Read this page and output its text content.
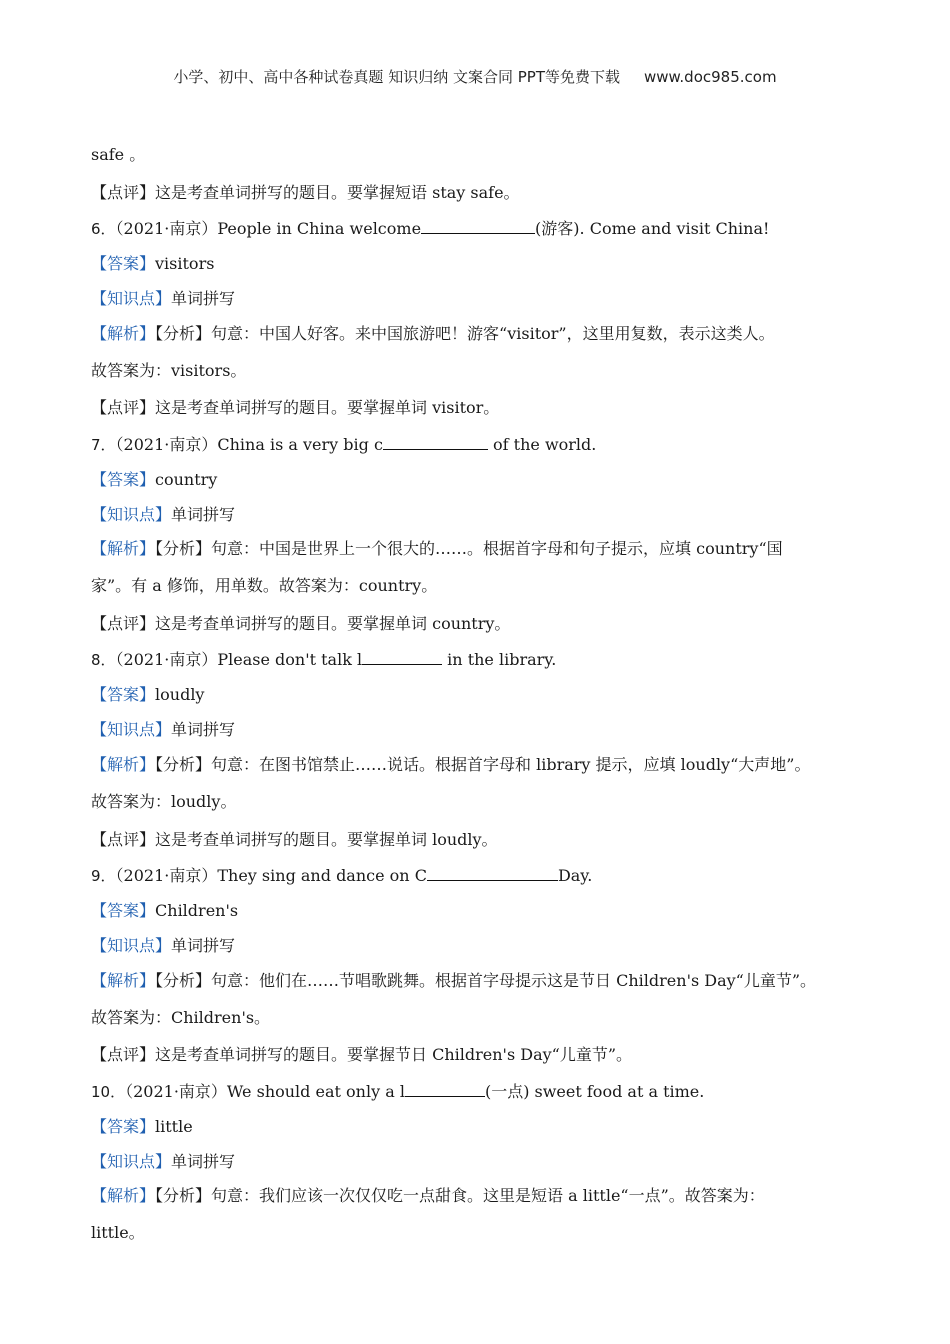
小学、初中、高中各种试卷真题 知识归纳 文案合同 PPT等免费下载 www.doc985.com
safe 。
【点评】这是考查单词拼写的题目。要掌握短语 stay safe。
6．（2021·南京）People in China welcome	(游客). Come and visit China!
【答案】visitors
【知识点】单词拼写
【解析】【分析】句意：中国人好客。来中国旅游吧！游客“visitor”，这里用复数，表示这类人。
故答案为：visitors。
【点评】这是考查单词拼写的题目。要掌握单词 visitor。
7．（2021·南京）China is a very big c	of the world.
【答案】country
【知识点】单词拼写
【解析】【分析】句意：中国是世界上一个很大的……。根据首字母和句子提示，应填 country“国
家”。有 a 修饰，用单数。故答案为：country。
【点评】这是考查单词拼写的题目。要掌握单词 country。
8．（2021·南京）Please don't talk l	in the library.
【答案】loudly
【知识点】单词拼写
【解析】【分析】句意：在图书馆禁止……说话。根据首字母和 library 提示，应填 loudly“大声地”。
故答案为：loudly。
【点评】这是考查单词拼写的题目。要掌握单词 loudly。
9．（2021·南京）They sing and dance on C	Day.
【答案】Children's
【知识点】单词拼写
【解析】【分析】句意：他们在……节唱歌跳舞。根据首字母提示这是节日 Children's Day“儿童节”。
故答案为：Children's。
【点评】这是考查单词拼写的题目。要掌握节日 Children's Day“儿童节”。
10．（2021·南京）We should eat only a l	(一点) sweet food at a time.
【答案】little
【知识点】单词拼写
【解析】【分析】句意：我们应该一次仅仅吃一点甜食。这里是短语 a little“一点”。故答案为：
little。
